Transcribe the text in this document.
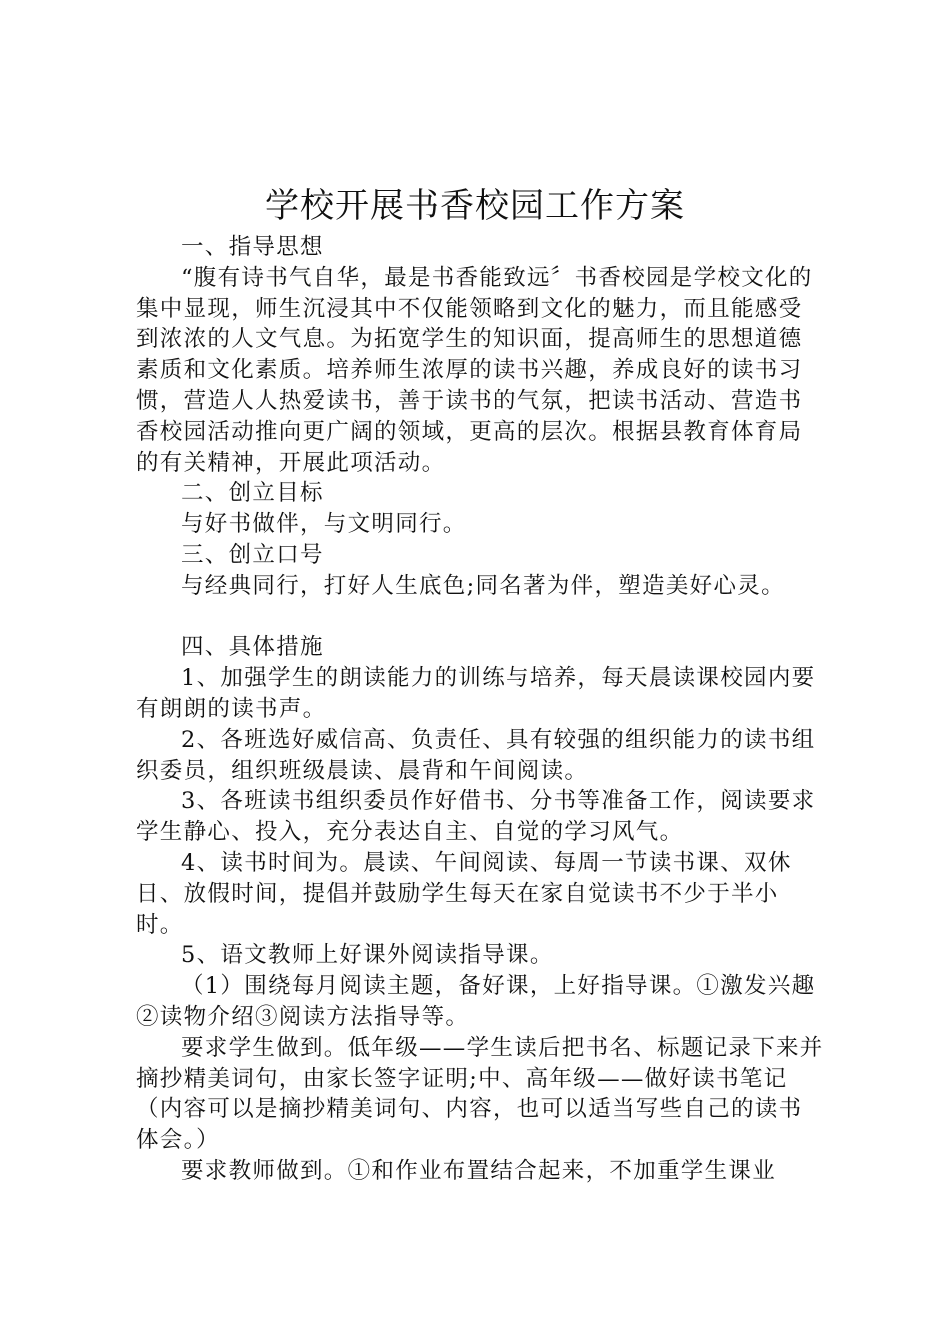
学校开展书香校园工作方案

一、指导思想

“腹有诗书气自华，最是书香能致远〞书香校园是学校文化的集中显现，师生沉浸其中不仅能领略到文化的魅力，而且能感受到浓浓的人文气息。为拓宽学生的知识面，提高师生的思想道德素质和文化素质。培养师生浓厚的读书兴趣，养成良好的读书习惯，营造人人热爱读书，善于读书的气氛，把读书活动、营造书香校园活动推向更广阔的领域，更高的层次。根据县教育体育局的有关精神，开展此项活动。

二、创立目标

与好书做伴，与文明同行。

三、创立口号

与经典同行，打好人生底色;同名著为伴，塑造美好心灵。

四、具体措施

1、加强学生的朗读能力的训练与培养，每天晨读课校园内要有朗朗的读书声。

2、各班选好威信高、负责任、具有较强的组织能力的读书组织委员，组织班级晨读、晨背和午间阅读。

3、各班读书组织委员作好借书、分书等准备工作，阅读要求学生静心、投入，充分表达自主、自觉的学习风气。

4、读书时间为。晨读、午间阅读、每周一节读书课、双休日、放假时间，提倡并鼓励学生每天在家自觉读书不少于半小时。

5、语文教师上好课外阅读指导课。

（1）围绕每月阅读主题，备好课，上好指导课。①激发兴趣②读物介绍③阅读方法指导等。

要求学生做到。低年级——学生读后把书名、标题记录下来并摘抄精美词句，由家长签字证明;中、高年级——做好读书笔记（内容可以是摘抄精美词句、内容，也可以适当写些自己的读书体会。）

要求教师做到。①和作业布置结合起来，不加重学生课业
